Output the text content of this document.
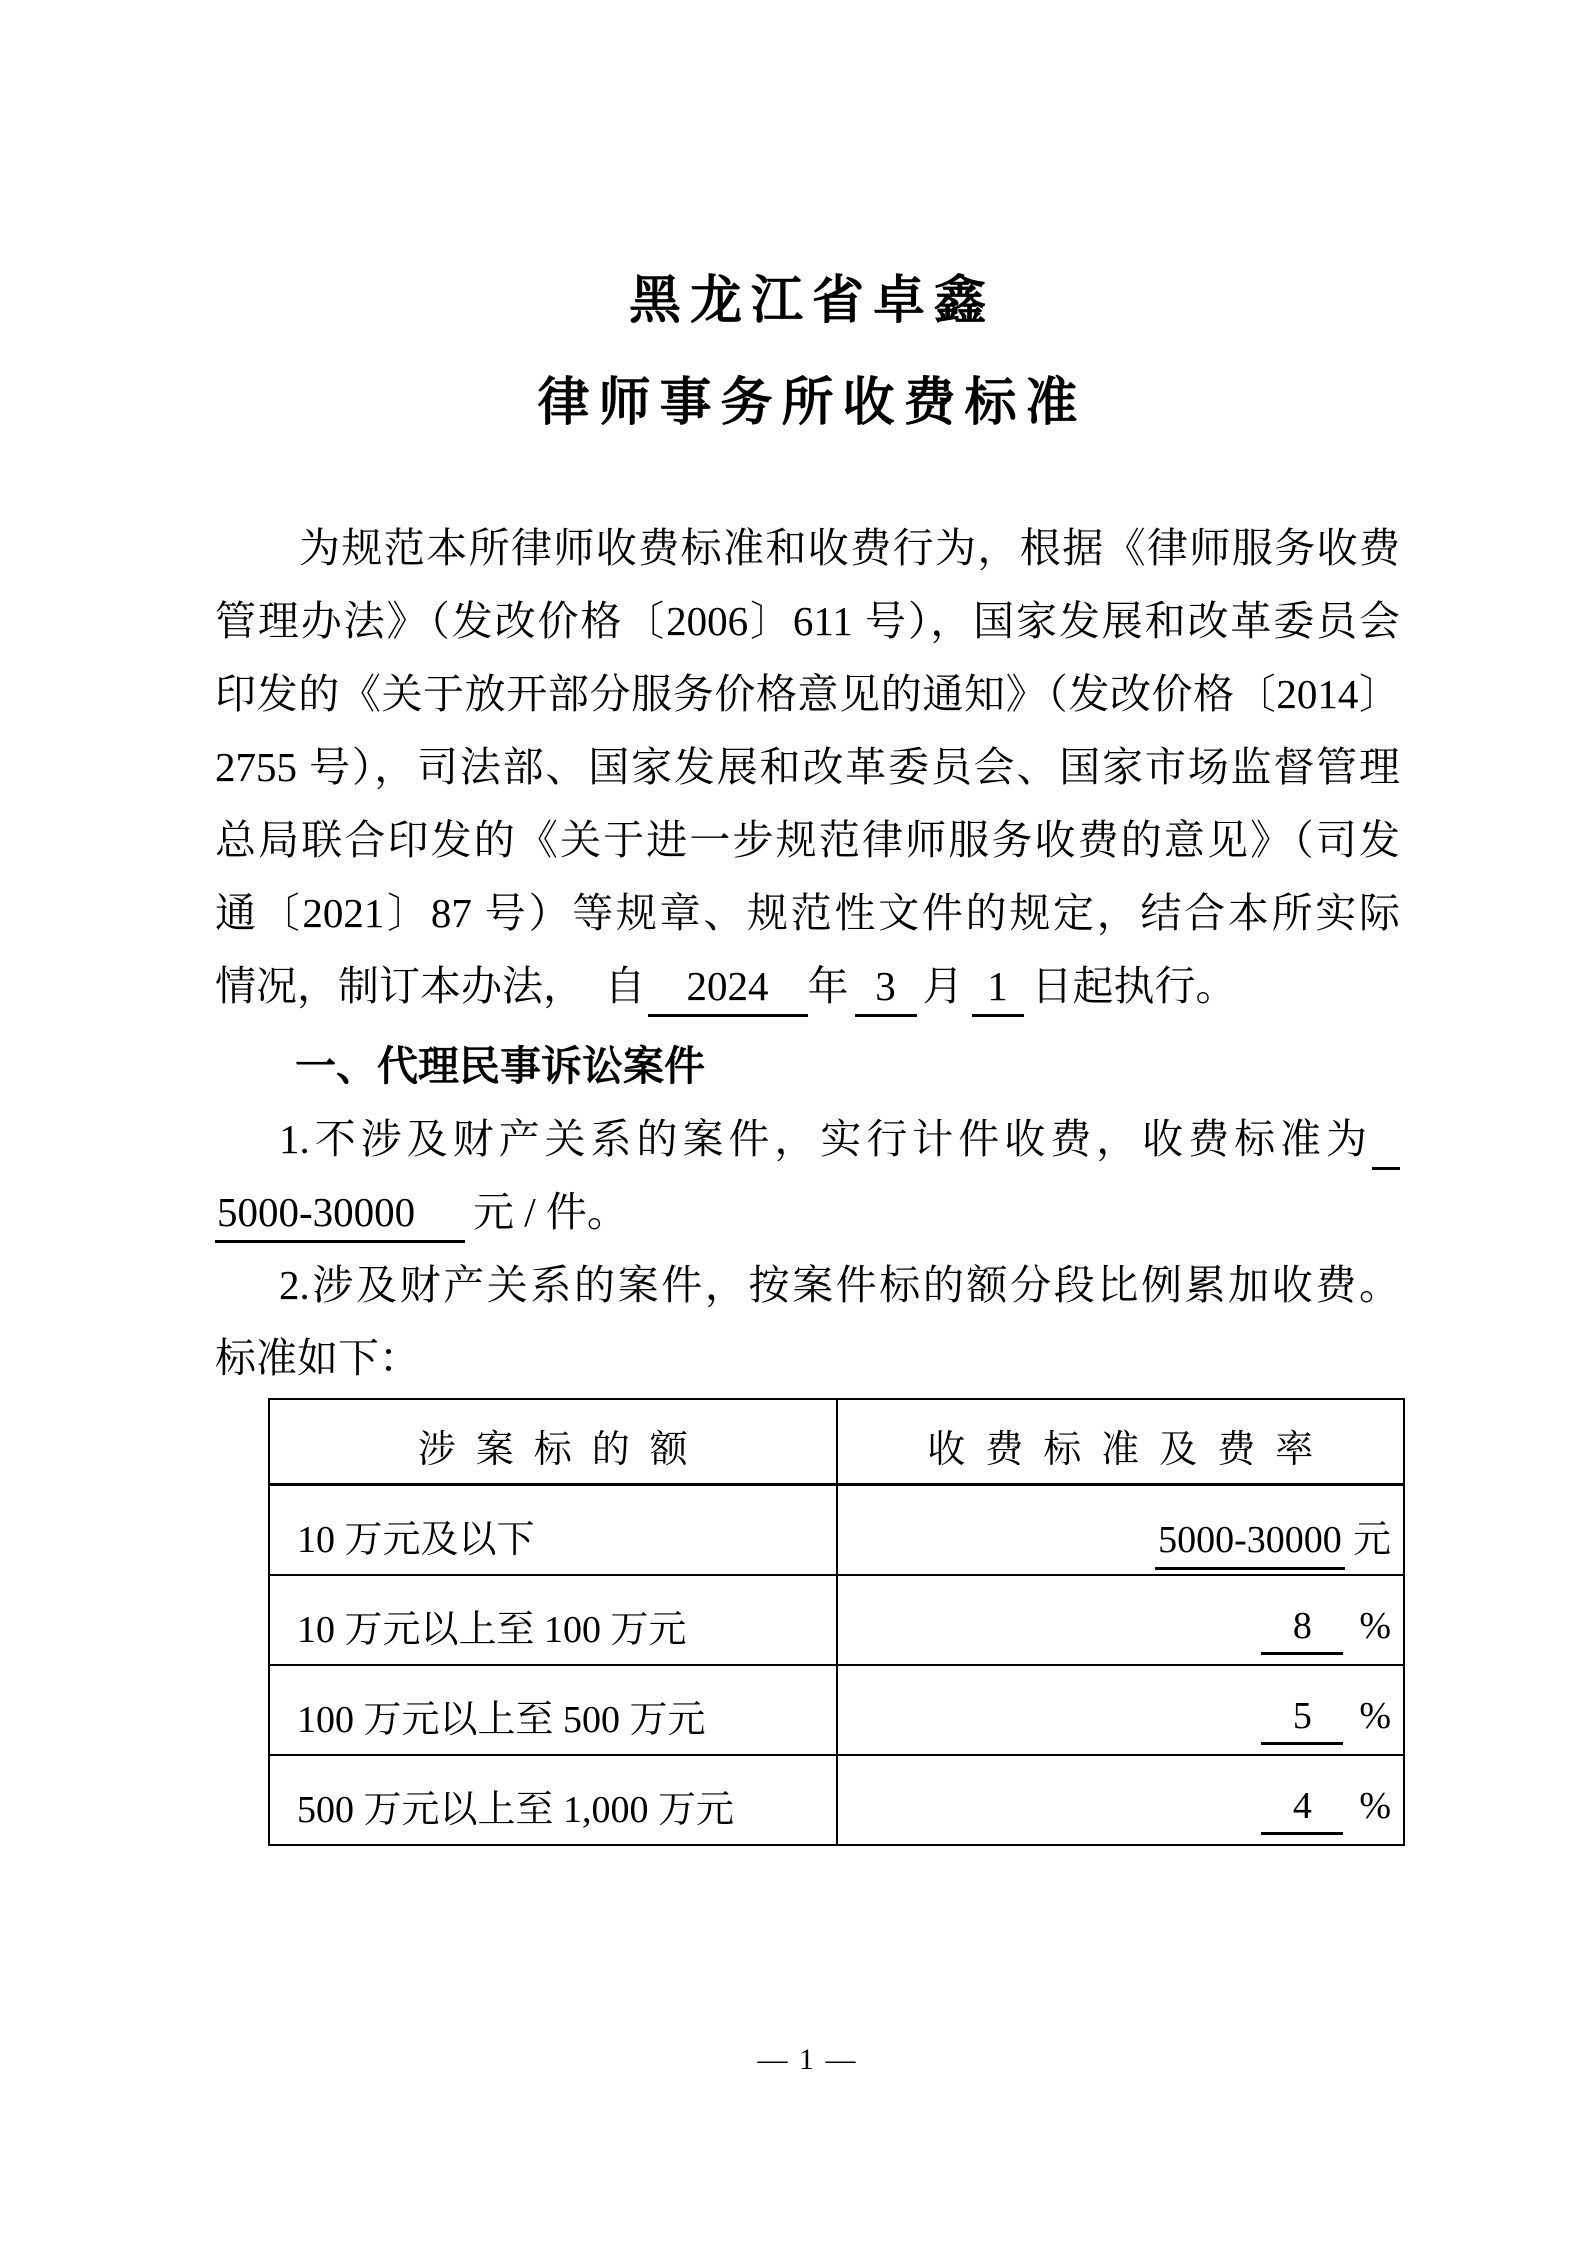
黑龙江省卓鑫
律师事务所收费标准
为规范本所律师收费标准和收费行为，根据《律师服务收费
管理办法》（发改价格〔2006〕611 号），国家发展和改革委员会
印发的《关于放开部分服务价格意见的通知》（发改价格〔2014〕
2755 号），司法部、国家发展和改革委员会、国家市场监督管理
总局联合印发的《关于进一步规范律师服务收费的意见》（司发
通〔2021〕87 号）等规章、规范性文件的规定，结合本所实际
情况，制订本办法，　自 2024 年 3 月 1 日起执行。
一、代理民事诉讼案件
1.不涉及财产关系的案件，实行计件收费，收费标准为
5000-30000 元 / 件。
2.涉及财产关系的案件，按案件标的额分段比例累加收费。
标准如下：
涉案标的额	收费标准及费率
10 万元及以下	5000-30000 元
10 万元以上至 100 万元	8 %
100 万元以上至 500 万元	5 %
500 万元以上至 1,000 万元	4 %
— 1 —
